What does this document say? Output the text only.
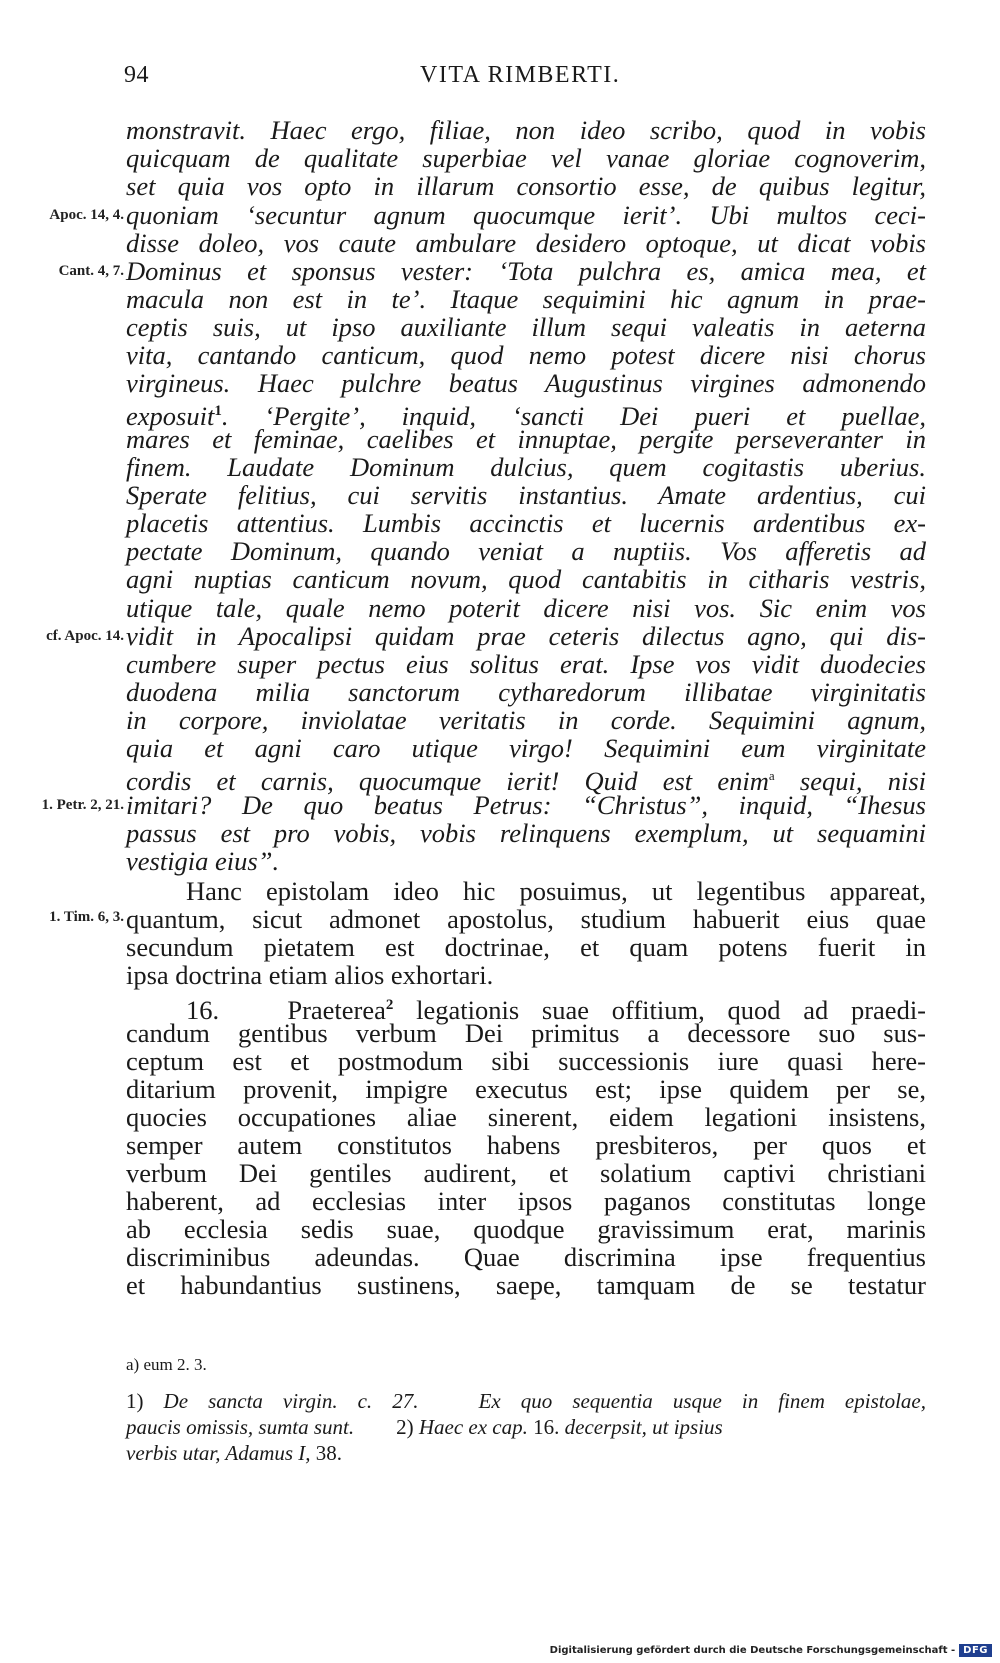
94	VITA RIMBERTI.
Apoc. 14, 4.
Cant. 4, 7.
cf. Apoc. 14.
1. Petr. 2, 21.
1. Tim. 6, 3.
monstravit. Haec ergo, filiae, non ideo scribo, quod in vobis
quicquam de qualitate superbiae vel vanae gloriae cognoverim,
set quia vos opto in illarum consortio esse, de quibus legitur,
quoniam ‘secuntur agnum quocumque ierit’. Ubi multos ceci-
disse doleo, vos caute ambulare desidero optoque, ut dicat vobis
Dominus et sponsus vester: ‘Tota pulchra es, amica mea, et
macula non est in te’. Itaque sequimini hic agnum in prae-
ceptis suis, ut ipso auxiliante illum sequi valeatis in aeterna
vita, cantando canticum, quod nemo potest dicere nisi chorus
virgineus. Haec pulchre beatus Augustinus virgines admonendo
exposuit$^1$. ‘Pergite’, inquid, ‘sancti Dei pueri et puellae,
mares et feminae, caelibes et innuptae, pergite perseveranter in
finem. Laudate Dominum dulcius, quem cogitastis uberius.
Sperate felitius, cui servitis instantius. Amate ardentius, cui
placetis attentius. Lumbis accinctis et lucernis ardentibus ex-
pectate Dominum, quando veniat a nuptiis. Vos afferetis ad
agni nuptias canticum novum, quod cantabitis in citharis vestris,
utique tale, quale nemo poterit dicere nisi vos. Sic enim vos
vidit in Apocalipsi quidam prae ceteris dilectus agno, qui dis-
cumbere super pectus eius solitus erat. Ipse vos vidit duodecies
duodena milia sanctorum cytharedorum illibatae virginitatis
in corpore, inviolatae veritatis in corde. Sequimini agnum,
quia et agni caro utique virgo! Sequimini eum virginitate
cordis et carnis, quocumque ierit! Quid est enim$^a$ sequi, nisi
imitari? De quo beatus Petrus: “Christus”, inquid, “Ihesus
passus est pro vobis, vobis relinquens exemplum, ut sequamini
vestigia eius”.
Hanc epistolam ideo hic posuimus, ut legentibus appareat,
quantum, sicut admonet apostolus, studium habuerit eius quae
secundum pietatem est doctrinae, et quam potens fuerit in
ipsa doctrina etiam alios exhortari.
16.	Praeterea$^2$ legationis suae offitium, quod ad praedi-
candum gentibus verbum Dei primitus a decessore suo sus-
ceptum est et postmodum sibi successionis iure quasi here-
ditarium provenit, impigre executus est; ipse quidem per se,
quocies occupationes aliae sinerent, eidem legationi insistens,
semper autem constitutos habens presbiteros, per quos et
verbum Dei gentiles audirent, et solatium captivi christiani
haberent, ad ecclesias inter ipsos paganos constitutas longe
ab ecclesia sedis suae, quodque gravissimum erat, marinis
discriminibus adeundas. Quae discrimina ipse frequentius
et habundantius sustinens, saepe, tamquam de se testatur
a) eum 2. 3.
1) De sancta virgin. c. 27.	Ex quo sequentia usque in finem epistolae,
paucis omissis, sumta sunt. 2) Haec ex cap. 16. decerpsit, ut ipsius
verbis utar, Adamus I, 38.
Digitalisierung gefördert durch die Deutsche Forschungsgemeinschaft - DFG
